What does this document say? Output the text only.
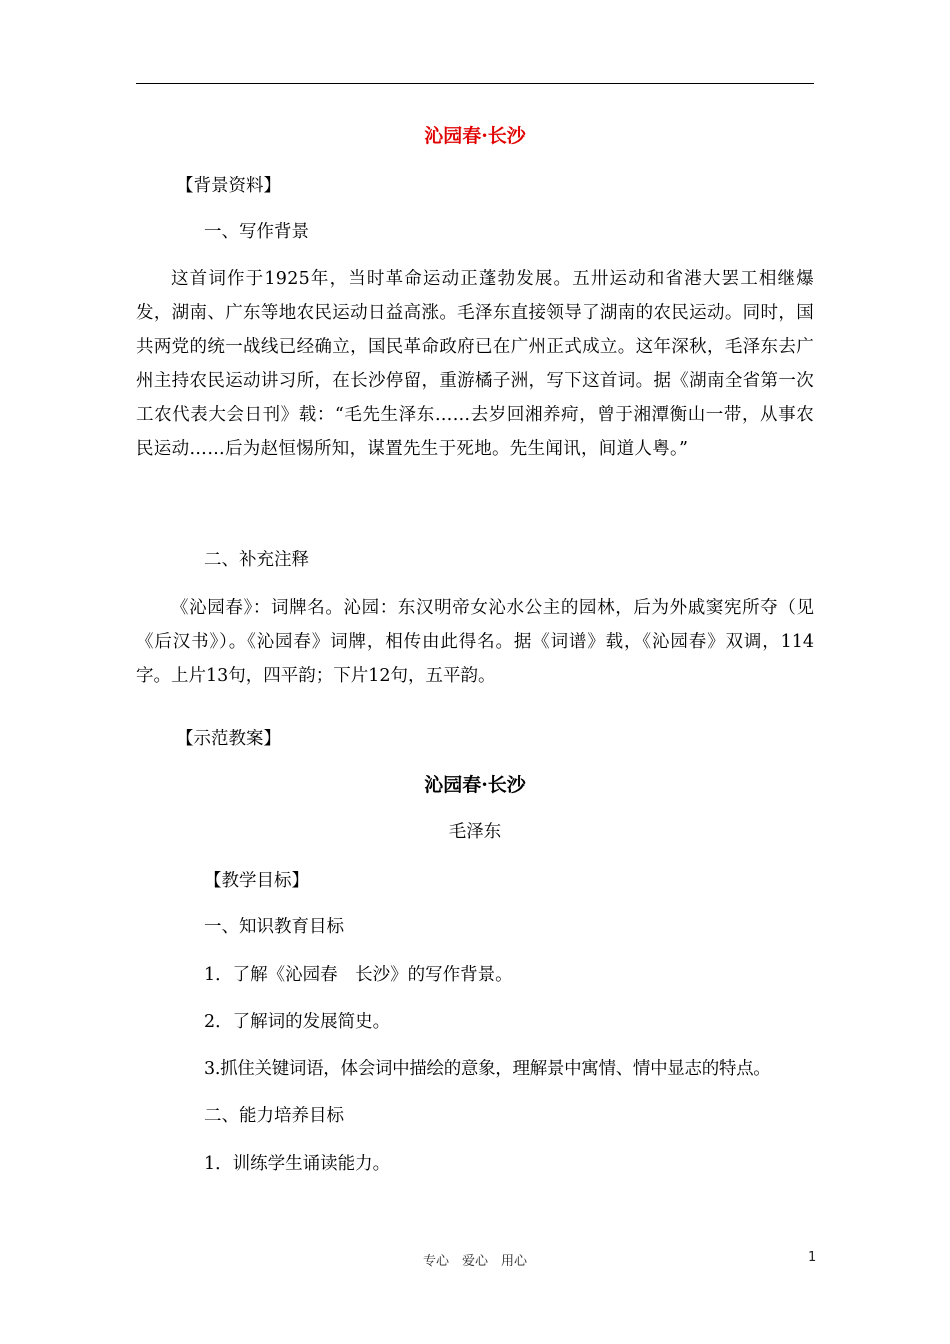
沁园春·长沙
【背景资料】
一、写作背景
这首词作于1925年，当时革命运动正蓬勃发展。五卅运动和省港大罢工相继爆发，湖南、广东等地农民运动日益高涨。毛泽东直接领导了湖南的农民运动。同时，国共两党的统一战线已经确立，国民革命政府已在广州正式成立。这年深秋，毛泽东去广州主持农民运动讲习所，在长沙停留，重游橘子洲，写下这首词。据《湖南全省第一次工农代表大会日刊》载：“毛先生泽东……去岁回湘养疴，曾于湘潭衡山一带，从事农民运动……后为赵恒惕所知，谋置先生于死地。先生闻讯，间道人粤。”
二、补充注释
《沁园春》：词牌名。沁园：东汉明帝女沁水公主的园林，后为外戚窦宪所夺（见《后汉书》）。《沁园春》词牌，相传由此得名。据《词谱》载，《沁园春》双调，114字。上片13句，四平韵；下片12句，五平韵。
【示范教案】
沁园春·长沙
毛泽东
【教学目标】
一、知识教育目标
1．了解《沁园春　长沙》的写作背景。
2．了解词的发展简史。
3.抓住关键词语，体会词中描绘的意象，理解景中寓情、情中显志的特点。
二、能力培养目标
1．训练学生诵读能力。
专心　爱心　用心	1
